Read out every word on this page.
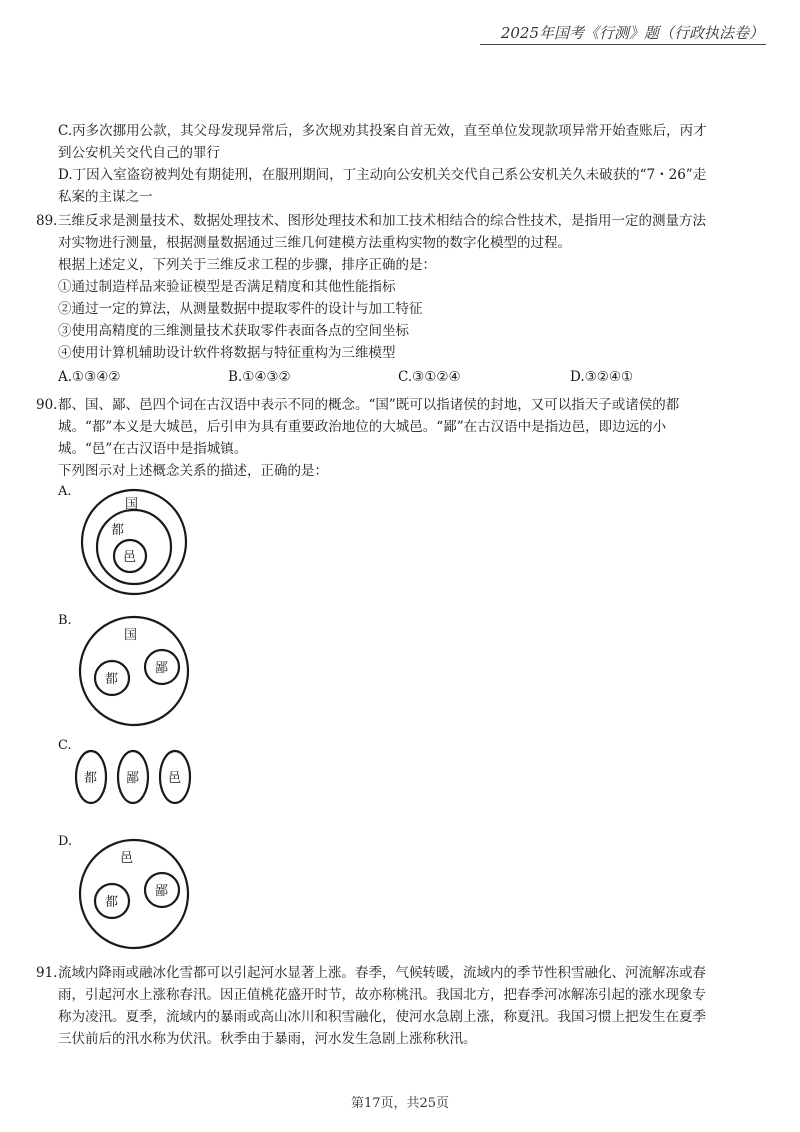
2025年国考《行测》题（行政执法卷）
C.丙多次挪用公款，其父母发现异常后，多次规劝其投案自首无效，直至单位发现款项异常开始查账后，丙才
到公安机关交代自己的罪行
D.丁因入室盗窃被判处有期徒刑，在服刑期间，丁主动向公安机关交代自己系公安机关久未破获的“7・26”走
私案的主谋之一
89. 三维反求是测量技术、数据处理技术、图形处理技术和加工技术相结合的综合性技术，是指用一定的测量方法
对实物进行测量，根据测量数据通过三维几何建模方法重构实物的数字化模型的过程。
根据上述定义，下列关于三维反求工程的步骤，排序正确的是：
①通过制造样品来验证模型是否满足精度和其他性能指标
②通过一定的算法，从测量数据中提取零件的设计与加工特征
③使用高精度的三维测量技术获取零件表面各点的空间坐标
④使用计算机辅助设计软件将数据与特征重构为三维模型
A.①③④②	B.①④③②	C.③①②④	D.③②④①
90. 都、国、鄙、邑四个词在古汉语中表示不同的概念。“国”既可以指诸侯的封地，又可以指天子或诸侯的都
城。“都”本义是大城邑，后引申为具有重要政治地位的大城邑。“鄙”在古汉语中是指边邑，即边远的小
城。“邑”在古汉语中是指城镇。
下列图示对上述概念关系的描述，正确的是：
A.
国
都
邑
B.
国
都
鄙
C.
都 鄙 邑
D.
邑
都
鄙
91. 流域内降雨或融冰化雪都可以引起河水显著上涨。春季，气候转暖，流域内的季节性积雪融化、河流解冻或春
雨，引起河水上涨称春汛。因正值桃花盛开时节，故亦称桃汛。我国北方，把春季河冰解冻引起的涨水现象专
称为凌汛。夏季，流域内的暴雨或高山冰川和积雪融化，使河水急剧上涨，称夏汛。我国习惯上把发生在夏季
三伏前后的汛水称为伏汛。秋季由于暴雨，河水发生急剧上涨称秋汛。
第17页，共25页
